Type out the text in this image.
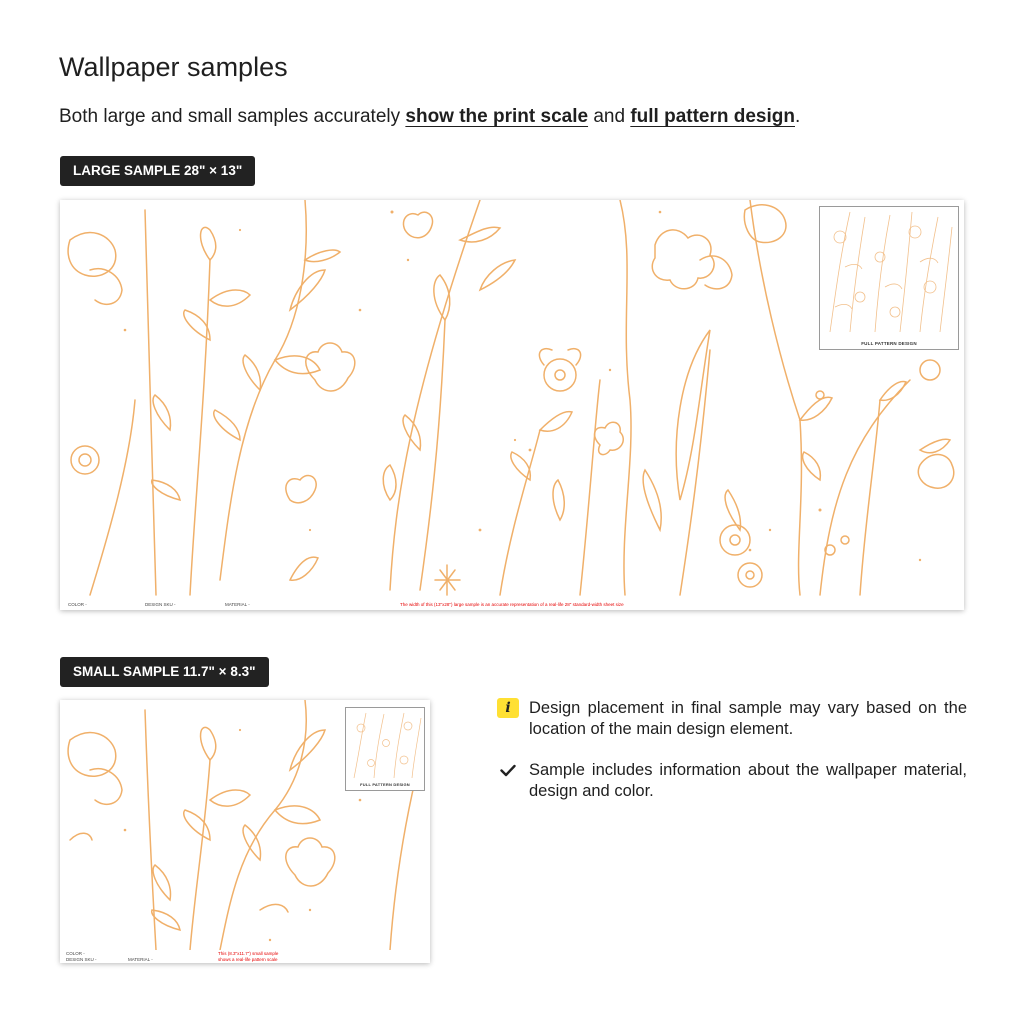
Wallpaper samples

Both large and small samples accurately show the print scale and full pattern design.

LARGE SAMPLE 28" × 13"
FULL PATTERN DESIGN
COLOR -	DESIGN SKU -	MATERIAL -	The width of this (13"x28") large sample is an accurate representation of a real-life 28" standard-width sheet size
SMALL SAMPLE 11.7" × 8.3"
FULL PATTERN DESIGN
COLOR -
DESIGN SKU -	MATERIAL -
This (8.3"x11.7") small sample
shows a real-life pattern scale
i	Design placement in final sample may vary based on the location of the main design element.
Sample includes information about the wallpaper material, design and color.
